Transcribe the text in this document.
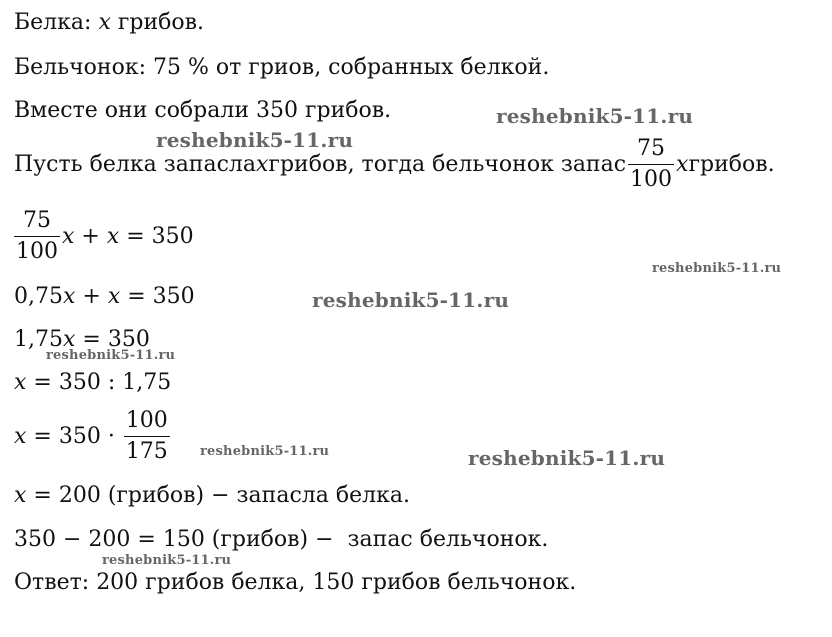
Белка: x грибов.
Бельчонок: 75 % от гриов, собранных белкой.
Вместе они собрали 350 грибов.
Пусть белка запасла x грибов, тогда бельчонок запас $\frac{75}{100}$ x грибов.
$\frac{75}{100}$ x + x = 350
0,75x + x = 350
1,75x = 350
x = 350 : 1,75
$x = 350 \cdot \frac{100}{175}$
x = 200 (грибов) − запасла белка.
350 − 200 = 150 (грибов) −  запас бельчонок.
Ответ: 200 грибов белка, 150 грибов бельчонок.
reshebnik5-11.ru
reshebnik5-11.ru
reshebnik5-11.ru
reshebnik5-11.ru
reshebnik5-11.ru
reshebnik5-11.ru	reshebnik5-11.ru
reshebnik5-11.ru
